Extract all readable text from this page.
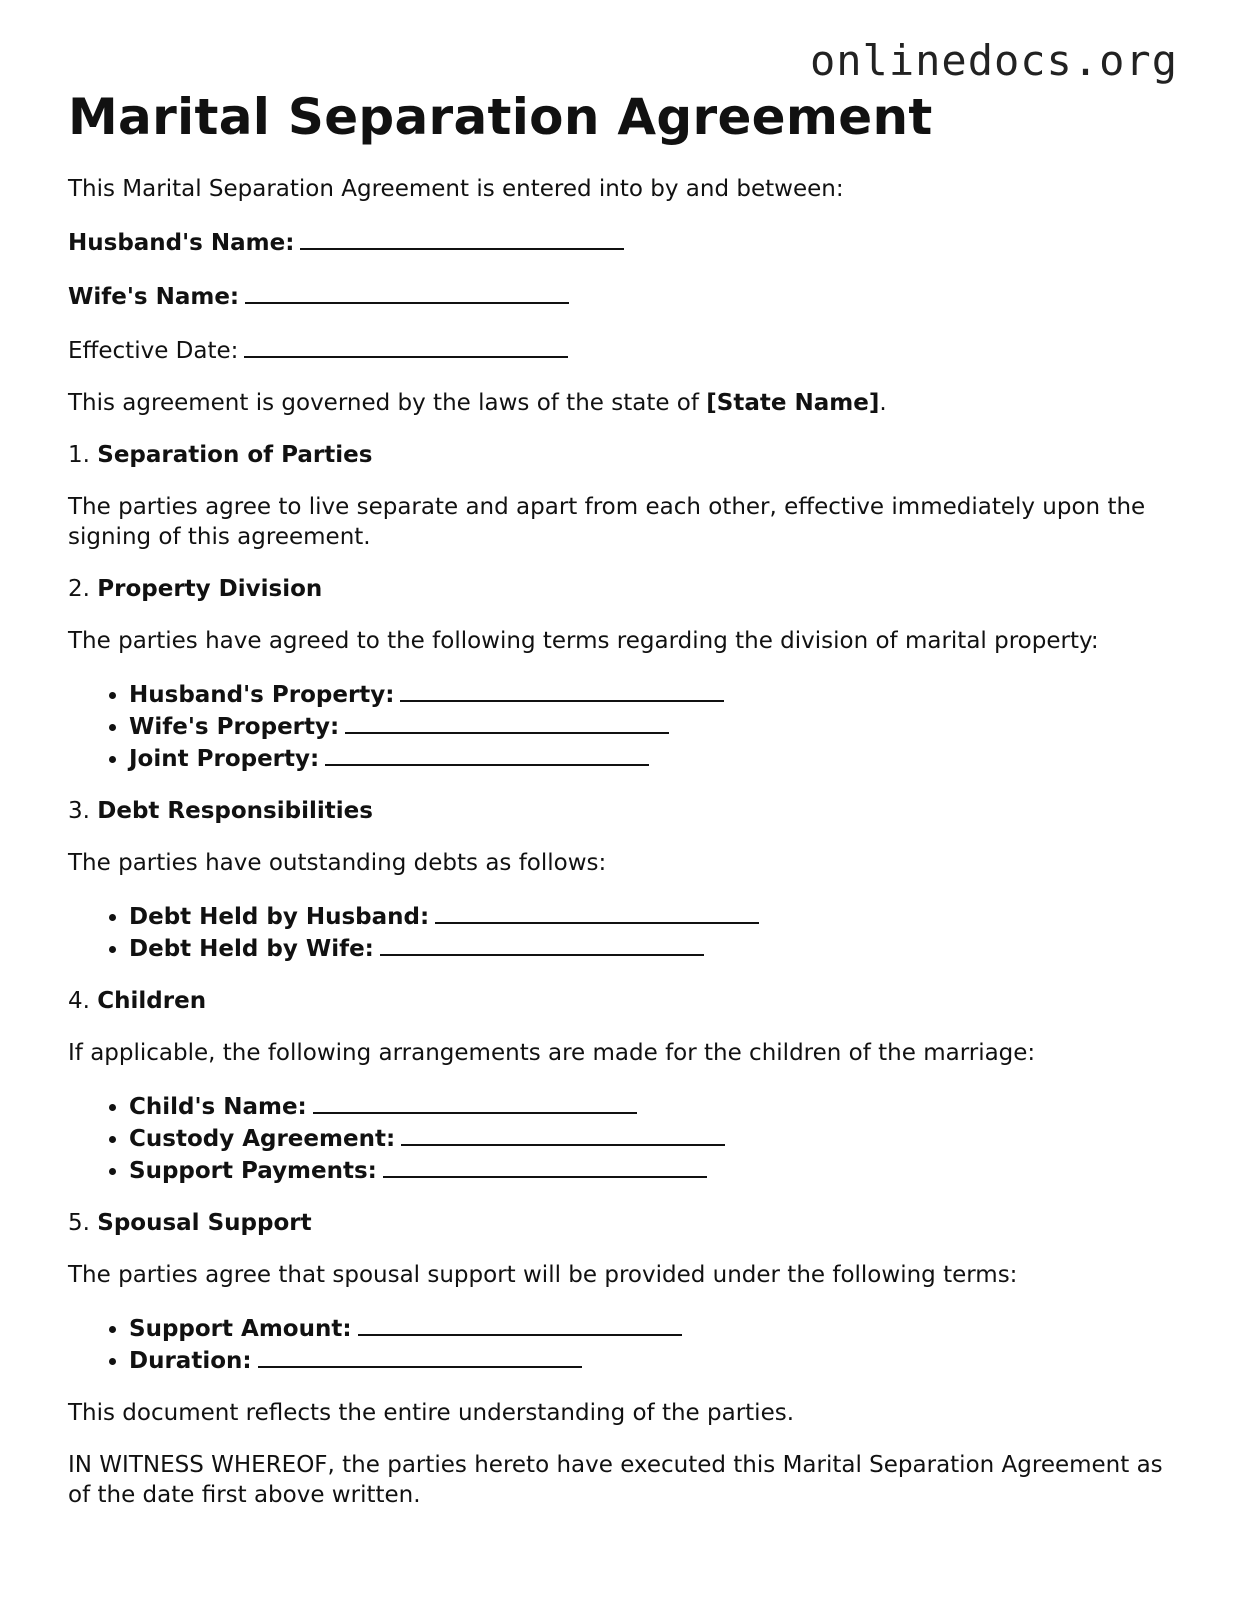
onlinedocs.org
Marital Separation Agreement

This Marital Separation Agreement is entered into by and between:

Husband's Name:

Wife's Name:

Effective Date:

This agreement is governed by the laws of the state of [State Name].

1. Separation of Parties

The parties agree to live separate and apart from each other, effective immediately upon the signing of this agreement.

2. Property Division

The parties have agreed to the following terms regarding the division of marital property:

• Husband's Property:
• Wife's Property:
• Joint Property:

3. Debt Responsibilities

The parties have outstanding debts as follows:

• Debt Held by Husband:
• Debt Held by Wife:

4. Children

If applicable, the following arrangements are made for the children of the marriage:

• Child's Name:
• Custody Agreement:
• Support Payments:

5. Spousal Support

The parties agree that spousal support will be provided under the following terms:

• Support Amount:
• Duration:

This document reflects the entire understanding of the parties.

IN WITNESS WHEREOF, the parties hereto have executed this Marital Separation Agreement as of the date first above written.
